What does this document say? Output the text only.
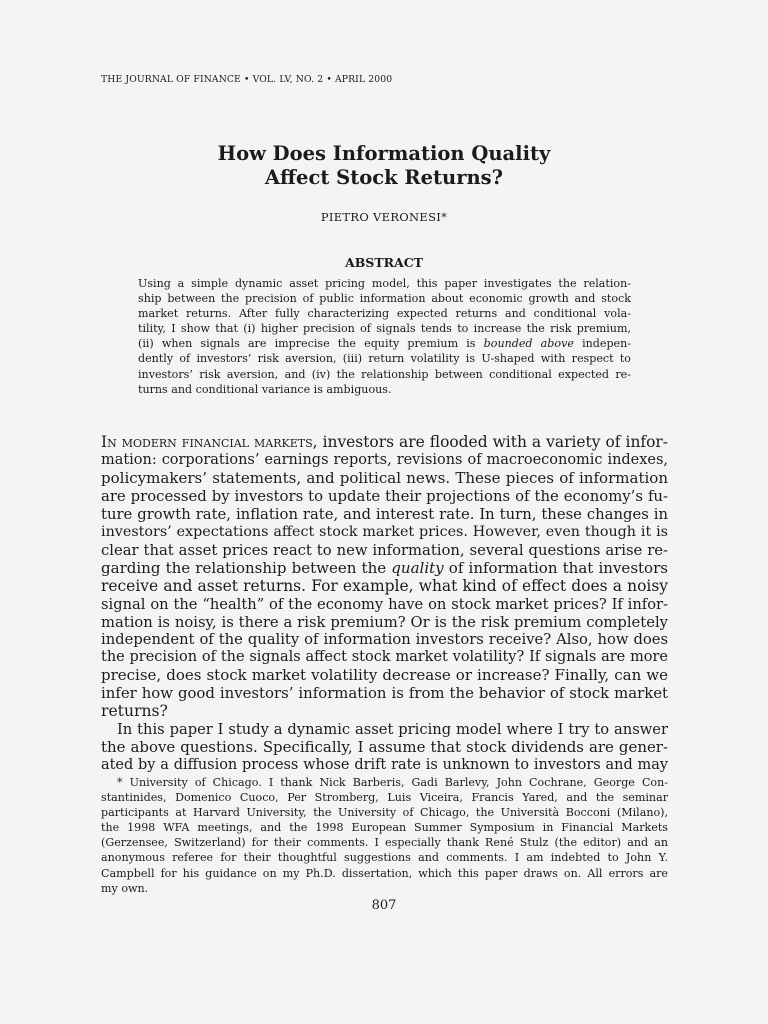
THE JOURNAL OF FINANCE • VOL. LV, NO. 2 • APRIL 2000
How Does Information Quality
Affect Stock Returns?
PIETRO VERONESI*
ABSTRACT
Using a simple dynamic asset pricing model, this paper investigates the relation-
ship between the precision of public information about economic growth and stock
market returns. After fully characterizing expected returns and conditional vola-
tility, I show that (i) higher precision of signals tends to increase the risk premium,
(ii) when signals are imprecise the equity premium is bounded above indepen-
dently of investors’ risk aversion, (iii) return volatility is U-shaped with respect to
investors’ risk aversion, and (iv) the relationship between conditional expected re-
turns and conditional variance is ambiguous.
In modern financial markets, investors are flooded with a variety of infor-
mation: corporations’ earnings reports, revisions of macroeconomic indexes,
policymakers’ statements, and political news. These pieces of information
are processed by investors to update their projections of the economy’s fu-
ture growth rate, inflation rate, and interest rate. In turn, these changes in
investors’ expectations affect stock market prices. However, even though it is
clear that asset prices react to new information, several questions arise re-
garding the relationship between the quality of information that investors
receive and asset returns. For example, what kind of effect does a noisy
signal on the “health” of the economy have on stock market prices? If infor-
mation is noisy, is there a risk premium? Or is the risk premium completely
independent of the quality of information investors receive? Also, how does
the precision of the signals affect stock market volatility? If signals are more
precise, does stock market volatility decrease or increase? Finally, can we
infer how good investors’ information is from the behavior of stock market
returns?
In this paper I study a dynamic asset pricing model where I try to answer
the above questions. Specifically, I assume that stock dividends are gener-
ated by a diffusion process whose drift rate is unknown to investors and may
* University of Chicago. I thank Nick Barberis, Gadi Barlevy, John Cochrane, George Con-
stantinides, Domenico Cuoco, Per Stromberg, Luis Viceira, Francis Yared, and the seminar
participants at Harvard University, the University of Chicago, the Università Bocconi (Milano),
the 1998 WFA meetings, and the 1998 European Summer Symposium in Financial Markets
(Gerzensee, Switzerland) for their comments. I especially thank René Stulz (the editor) and an
anonymous referee for their thoughtful suggestions and comments. I am indebted to John Y.
Campbell for his guidance on my Ph.D. dissertation, which this paper draws on. All errors are
my own.
807
